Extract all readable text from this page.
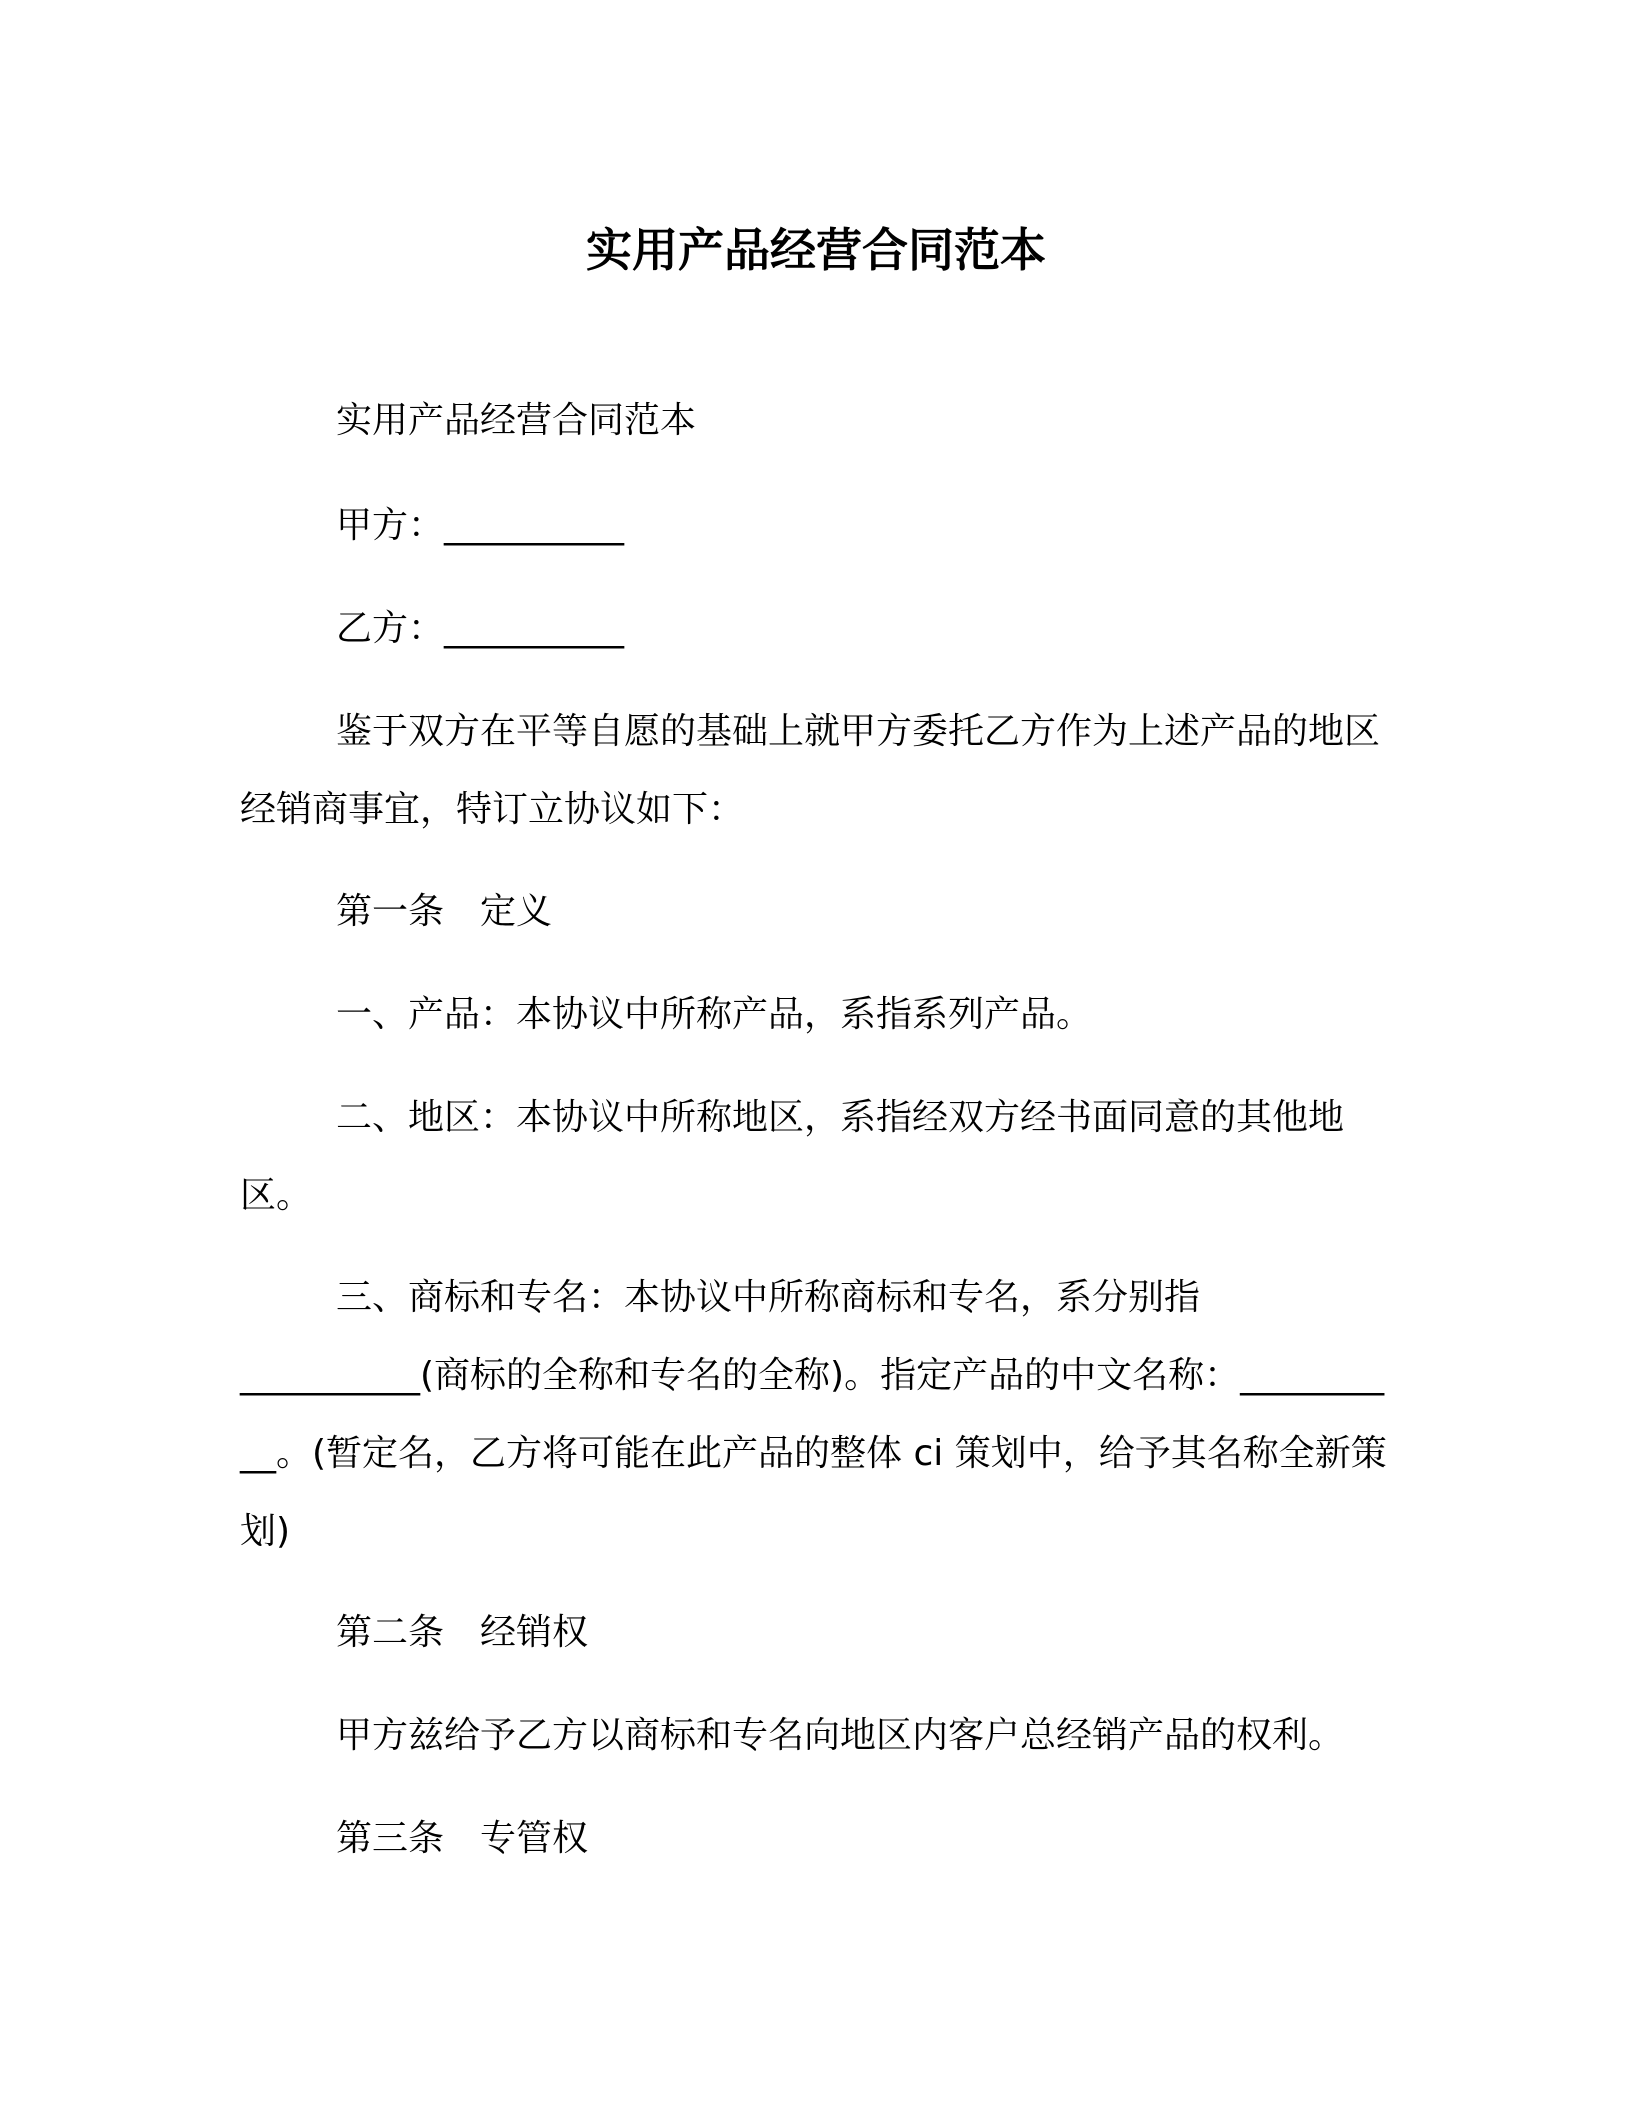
实用产品经营合同范本

实用产品经营合同范本

甲方：__________

乙方：__________

鉴于双方在平等自愿的基础上就甲方委托乙方作为上述产品的地区经销商事宜，特订立协议如下：

第一条 定义

一、产品：本协议中所称产品，系指系列产品。

二、地区：本协议中所称地区，系指经双方经书面同意的其他地区。

三、商标和专名：本协议中所称商标和专名，系分别指

__________(商标的全称和专名的全称)。指定产品的中文名称：__________。(暂定名，乙方将可能在此产品的整体 ci 策划中，给予其名称全新策划)

第二条 经销权

甲方兹给予乙方以商标和专名向地区内客户总经销产品的权利。

第三条 专管权
